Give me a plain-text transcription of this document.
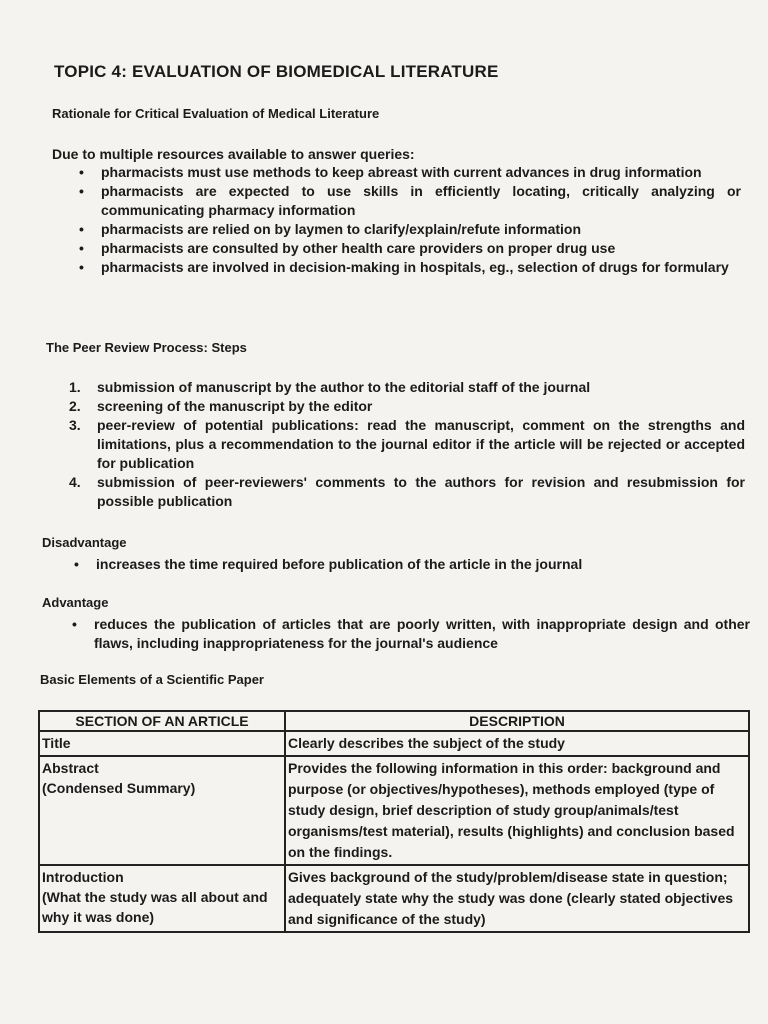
TOPIC 4: EVALUATION OF BIOMEDICAL LITERATURE
Rationale for Critical Evaluation of Medical Literature
Due to multiple resources available to answer queries:
• pharmacists must use methods to keep abreast with current advances in drug information
• pharmacists are expected to use skills in efficiently locating, critically analyzing or communicating pharmacy information
• pharmacists are relied on by laymen to clarify/explain/refute information
• pharmacists are consulted by other health care providers on proper drug use
• pharmacists are involved in decision-making in hospitals, eg., selection of drugs for formulary
The Peer Review Process: Steps
1. submission of manuscript by the author to the editorial staff of the journal
2. screening of the manuscript by the editor
3. peer-review of potential publications: read the manuscript, comment on the strengths and limitations, plus a recommendation to the journal editor if the article will be rejected or accepted for publication
4. submission of peer-reviewers' comments to the authors for revision and resubmission for possible publication
Disadvantage
• increases the time required before publication of the article in the journal
Advantage
• reduces the publication of articles that are poorly written, with inappropriate design and other flaws, including inappropriateness for the journal's audience
Basic Elements of a Scientific Paper
SECTION OF AN ARTICLE	DESCRIPTION

Title	Clearly describes the subject of the study

Abstract
(Condensed Summary)	Provides the following information in this order: background and purpose (or objectives/hypotheses), methods employed (type of study design, brief description of study group/animals/test organisms/test material), results (highlights) and conclusion based on the findings.

Introduction
(What the study was all about and why it was done)	Gives background of the study/problem/disease state in question; adequately state why the study was done (clearly stated objectives and significance of the study)
